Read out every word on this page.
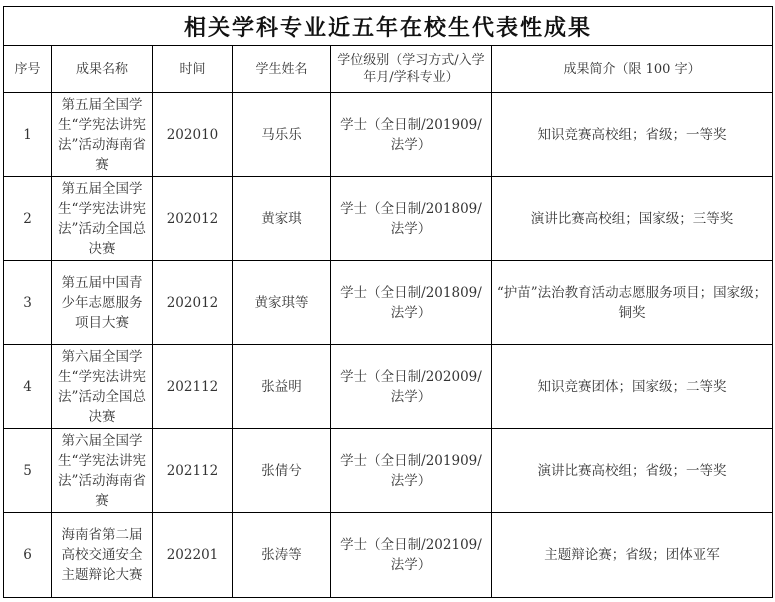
相关学科专业近五年在校生代表性成果					
序号	成果名称	时间	学生姓名	学位级别（学习方式/入学年月/学科专业）	成果简介（限 100 字）
1	第五届全国学生“学宪法讲宪法”活动海南省赛	202010	马乐乐	学士（全日制/201909/法学）	知识竞赛高校组；省级；一等奖

2	第五届全国学生“学宪法讲宪法”活动全国总决赛	202012	黄家琪	学士（全日制/201809/法学）	演讲比赛高校组；国家级；三等奖

3	第五届中国青少年志愿服务项目大赛	202012	黄家琪等	学士（全日制/201809/法学）	“护苗”法治教育活动志愿服务项目；国家级；铜奖

4	第六届全国学生“学宪法讲宪法”活动全国总决赛	202112	张益明	学士（全日制/202009/法学）	知识竞赛团体；国家级；二等奖

5	第六届全国学生“学宪法讲宪法”活动海南省赛	202112	张倩兮	学士（全日制/201909/法学）	演讲比赛高校组；省级；一等奖

6	海南省第二届高校交通安全主题辩论大赛	202201	张涛等	学士（全日制/202109/法学）	主题辩论赛；省级；团体亚军
